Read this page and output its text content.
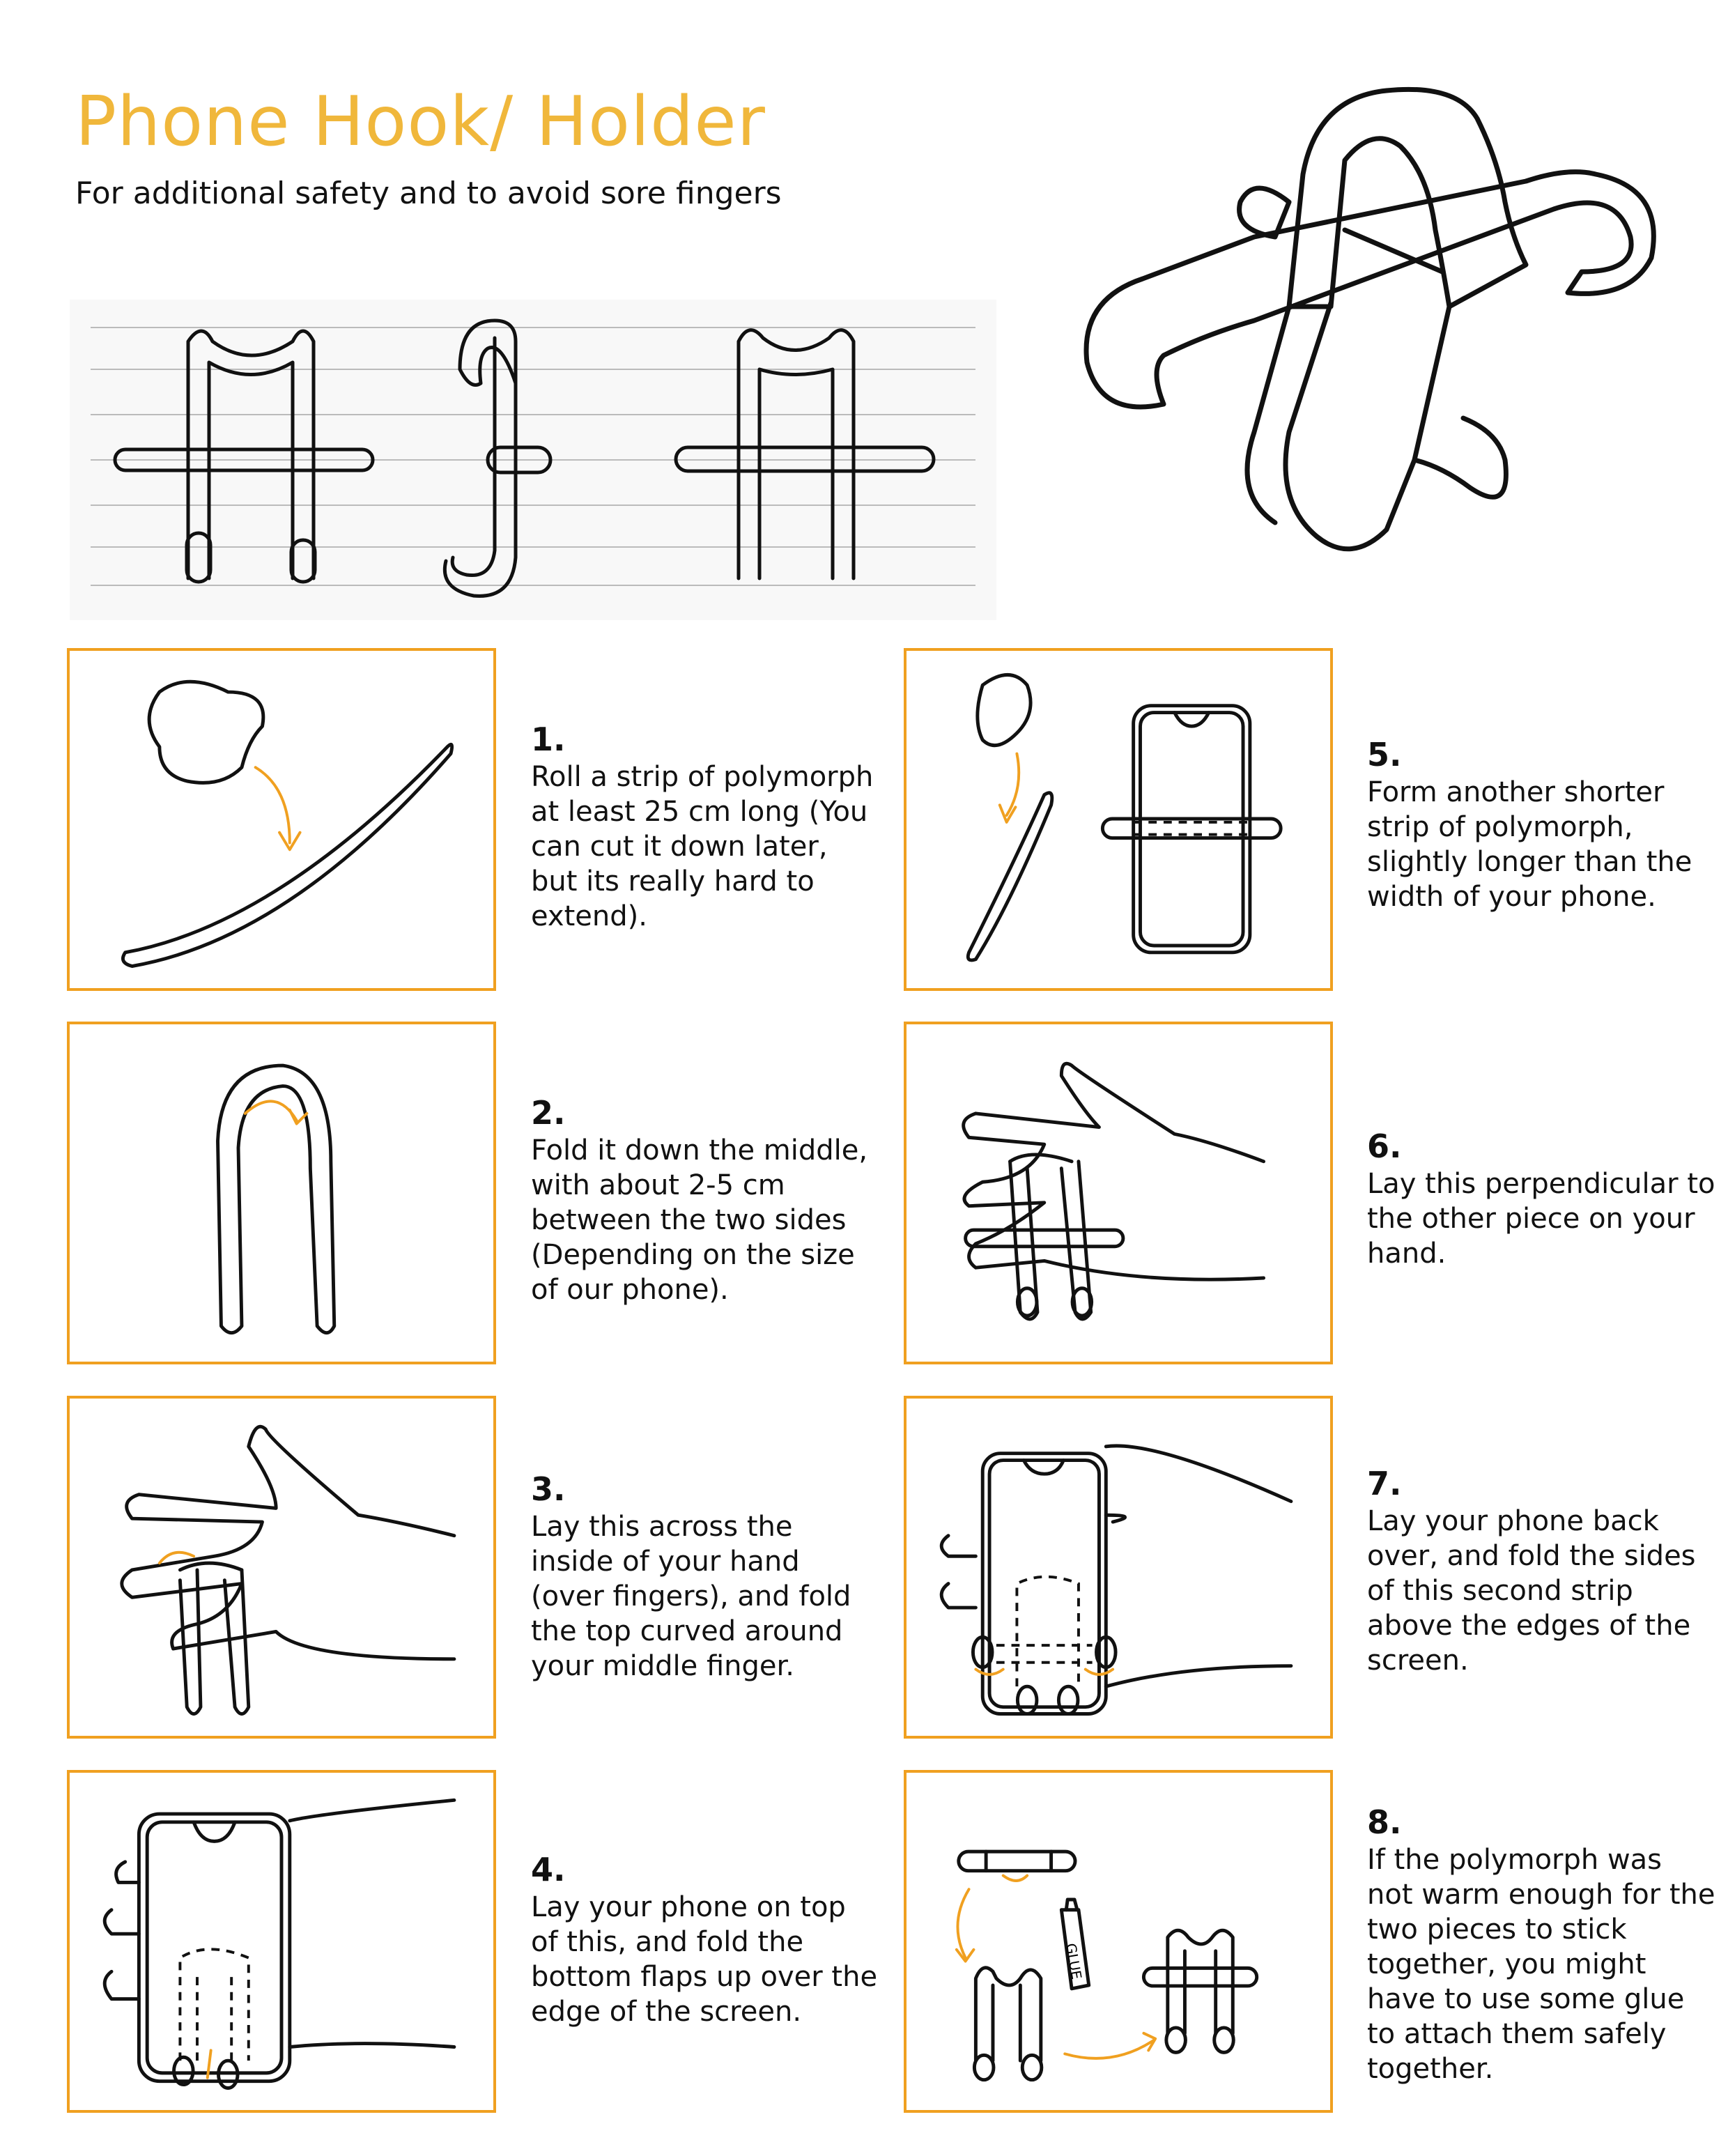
Phone Hook/ Holder

For additional safety and to avoid sore fingers

GLUE
1.
Roll a strip of polymorph at least 25 cm long (You can cut it down later, but its really hard to extend).
2.
Fold it down the middle, with about 2-5 cm between the two sides (Depending on the size of our phone).
3.
Lay this across the inside of your hand (over fingers), and fold the top curved around your middle finger.
4.
Lay your phone on top of this, and fold the bottom flaps up over the edge of the screen.
5.
Form another shorter strip of polymorph, slightly longer than the width of your phone.
6.
Lay this perpendicular to the other piece on your hand.
7.
Lay your phone back over, and fold the sides of this second strip above the edges of the screen.
8.
If the polymorph was not warm enough for the two pieces to stick together, you might have to use some glue to attach them safely together.
